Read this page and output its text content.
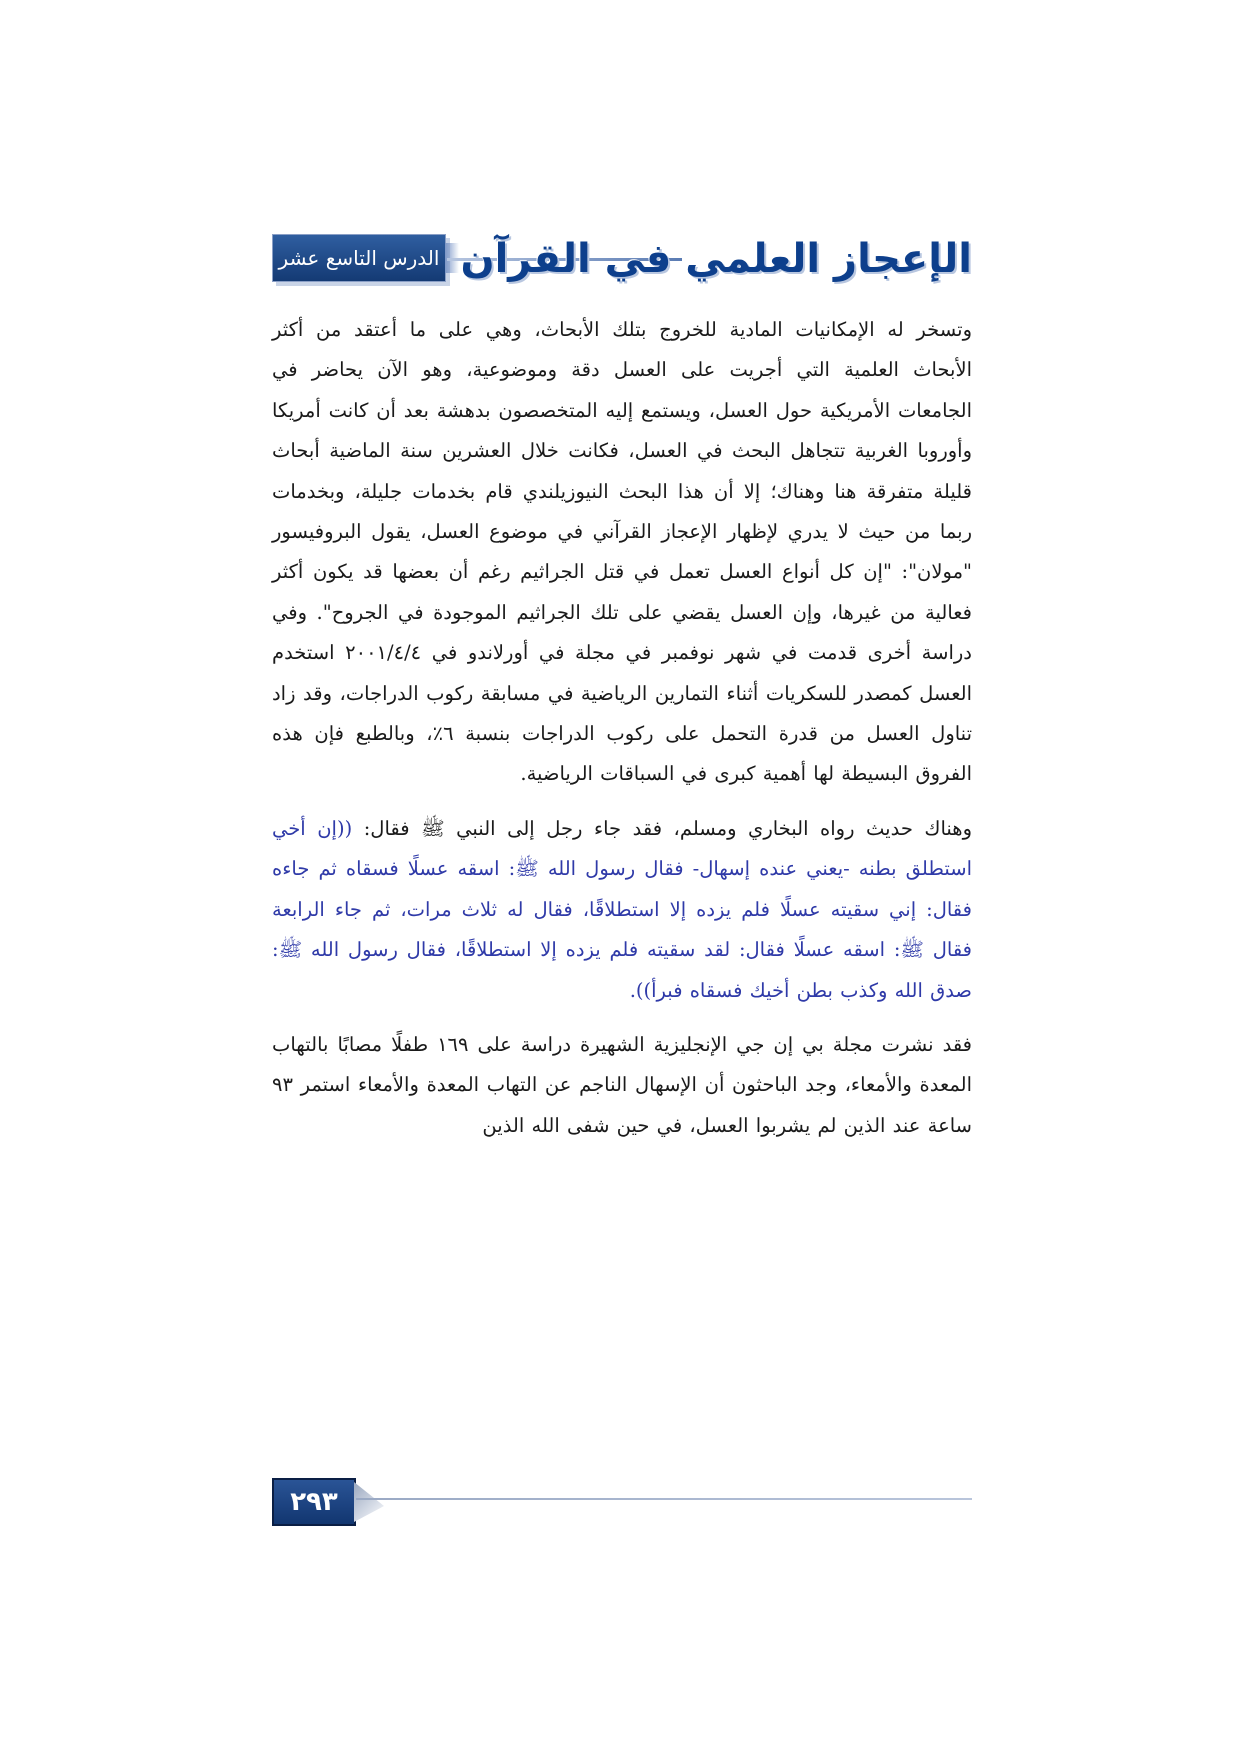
الدرس التاسع عشر الإعجاز العلمي في القرآن

وتسخر له الإمكانيات المادية للخروج بتلك الأبحاث، وهي على ما أعتقد من أكثر الأبحاث العلمية التي أجريت على العسل دقة وموضوعية، وهو الآن يحاضر في الجامعات الأمريكية حول العسل، ويستمع إليه المتخصصون بدهشة بعد أن كانت أمريكا وأوروبا الغربية تتجاهل البحث في العسل، فكانت خلال العشرين سنة الماضية أبحاث قليلة متفرقة هنا وهناك؛ إلا أن هذا البحث النيوزيلندي قام بخدمات جليلة، وبخدمات ربما من حيث لا يدري لإظهار الإعجاز القرآني في موضوع العسل، يقول البروفيسور "مولان": "إن كل أنواع العسل تعمل في قتل الجراثيم رغم أن بعضها قد يكون أكثر فعالية من غيرها، وإن العسل يقضي على تلك الجراثيم الموجودة في الجروح". وفي دراسة أخرى قدمت في شهر نوفمبر في مجلة في أورلاندو في ٢٠٠١/٤/٤ استخدم العسل كمصدر للسكريات أثناء التمارين الرياضية في مسابقة ركوب الدراجات، وقد زاد تناول العسل من قدرة التحمل على ركوب الدراجات بنسبة ٦٪، وبالطبع فإن هذه الفروق البسيطة لها أهمية كبرى في السباقات الرياضية.

وهناك حديث رواه البخاري ومسلم، فقد جاء رجل إلى النبي ﷺ فقال: ((إن أخي استطلق بطنه -يعني عنده إسهال- فقال رسول الله ﷺ: اسقه عسلًا فسقاه ثم جاءه فقال: إني سقيته عسلًا فلم يزده إلا استطلاقًا، فقال له ثلاث مرات، ثم جاء الرابعة فقال ﷺ: اسقه عسلًا فقال: لقد سقيته فلم يزده إلا استطلاقًا، فقال رسول الله ﷺ: صدق الله وكذب بطن أخيك فسقاه فبرأ)).

فقد نشرت مجلة بي إن جي الإنجليزية الشهيرة دراسة على ١٦٩ طفلًا مصابًا بالتهاب المعدة والأمعاء، وجد الباحثون أن الإسهال الناجم عن التهاب المعدة والأمعاء استمر ٩٣ ساعة عند الذين لم يشربوا العسل، في حين شفى الله الذين

٢٩٣
